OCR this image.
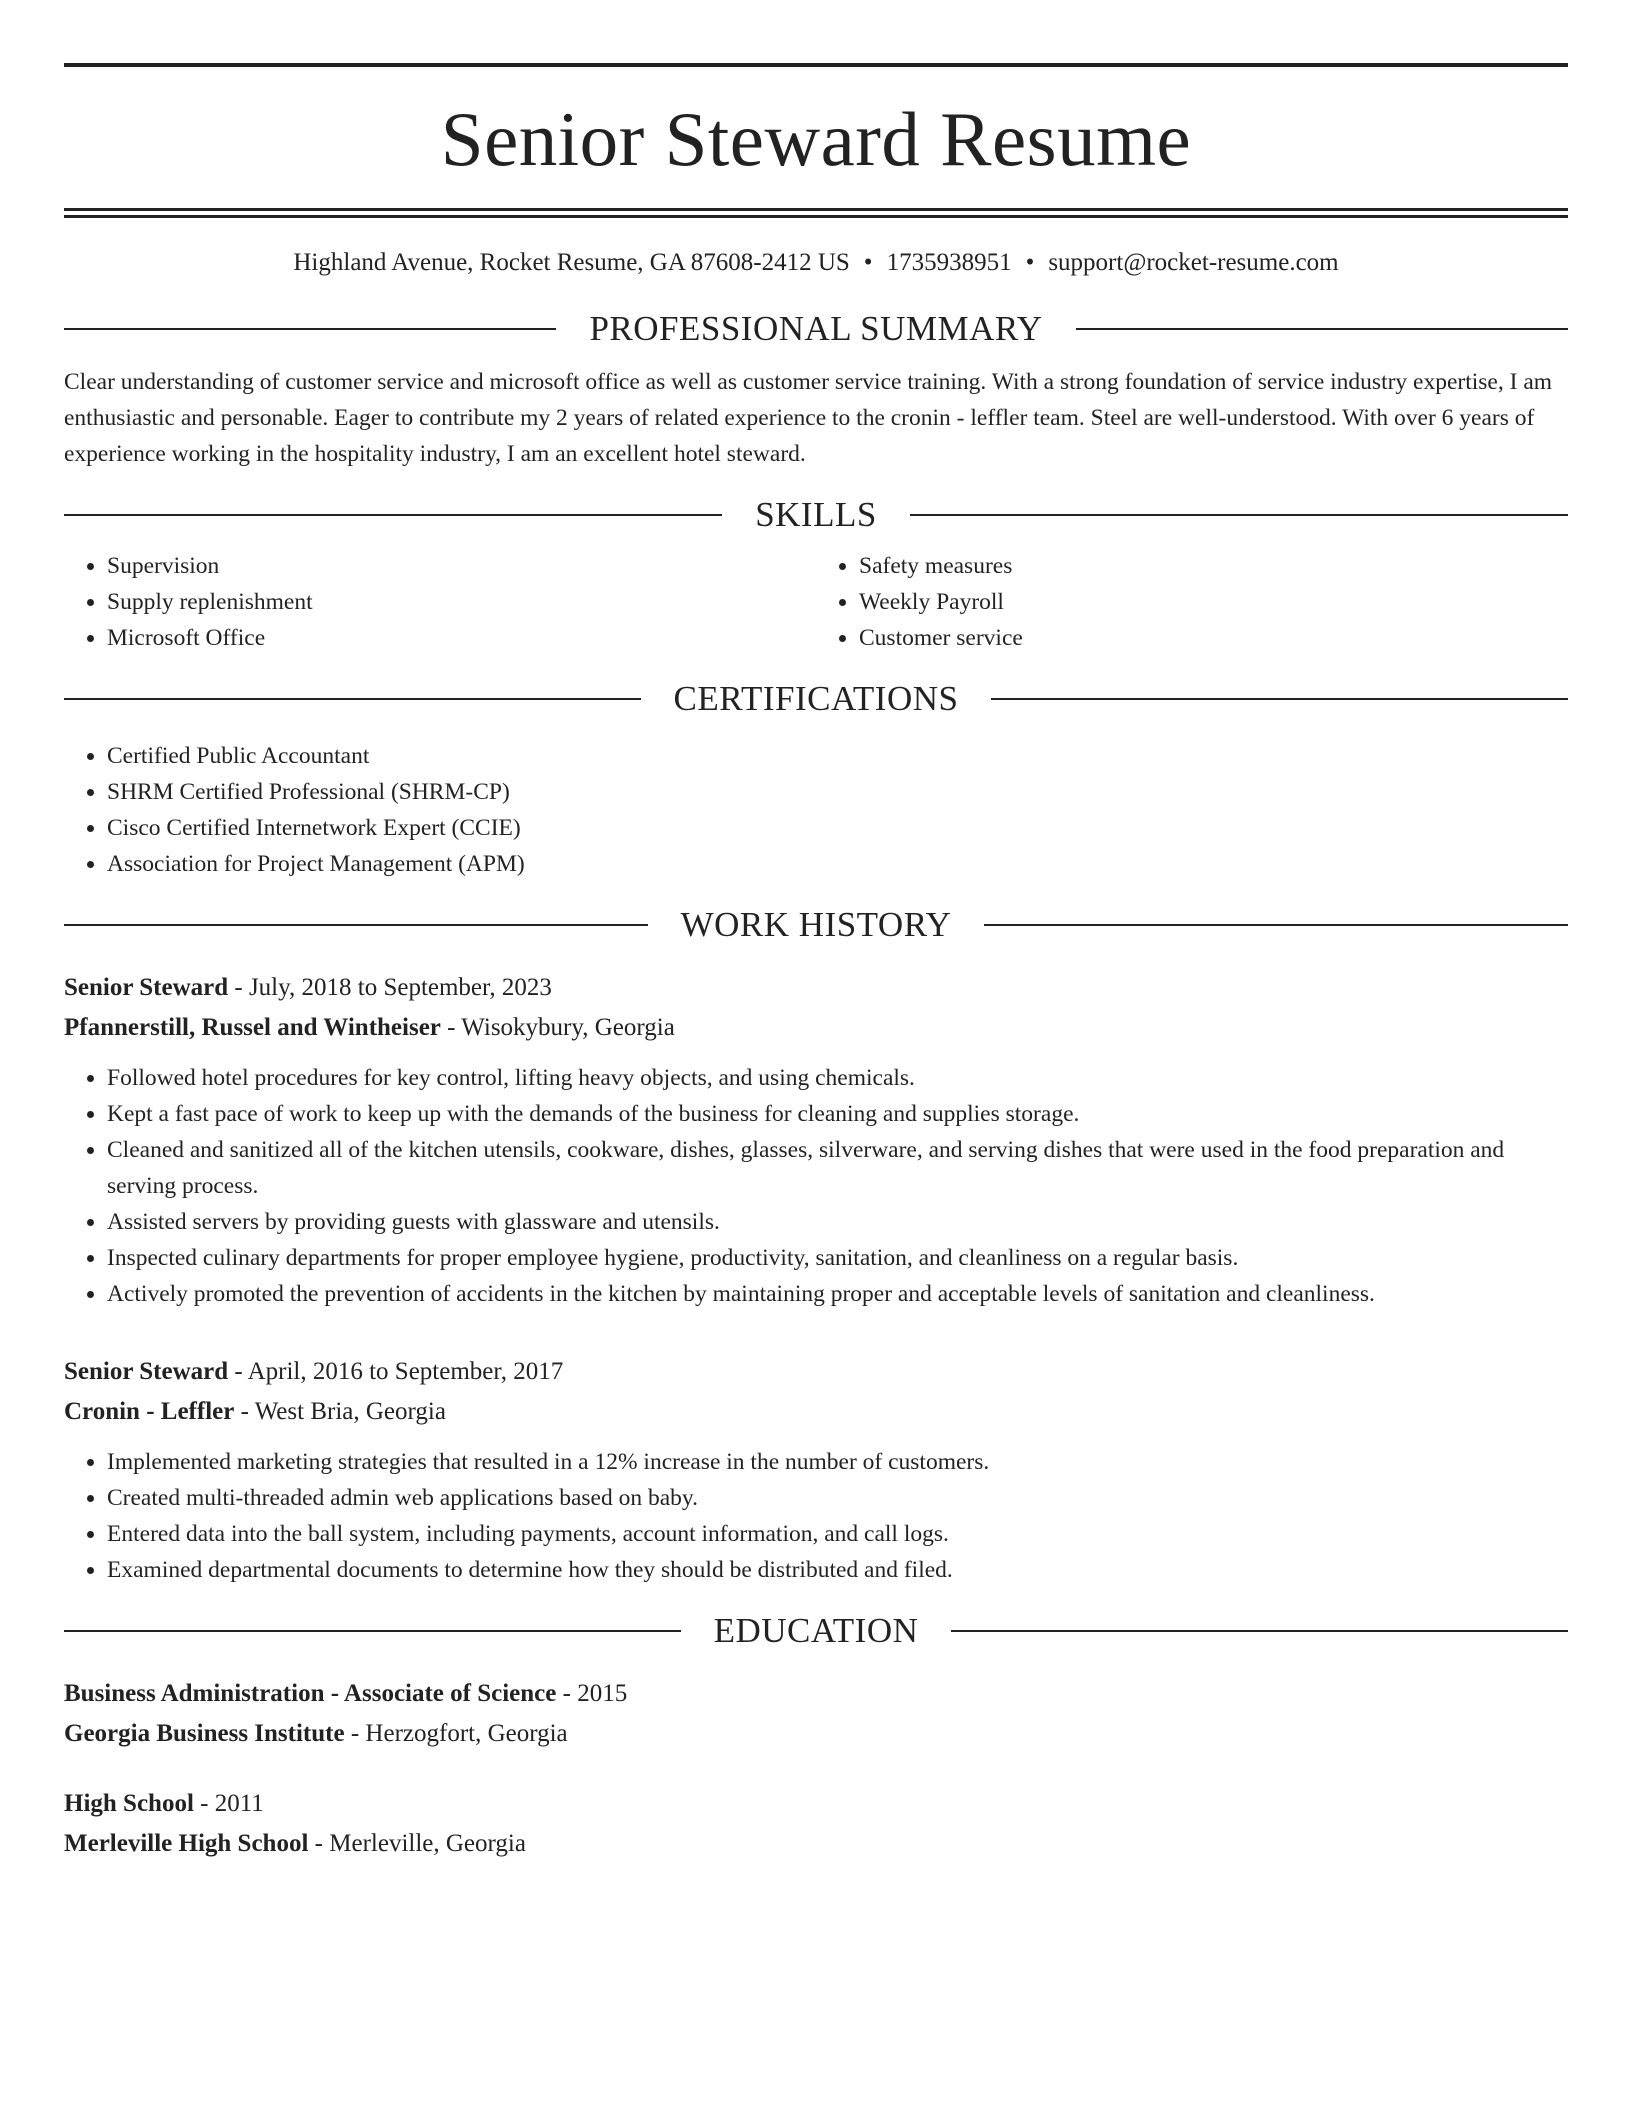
Senior Steward Resume
Highland Avenue, Rocket Resume, GA 87608-2412 US • 1735938951 • support@rocket-resume.com
PROFESSIONAL SUMMARY
Clear understanding of customer service and microsoft office as well as customer service training. With a strong foundation of service industry expertise, I am enthusiastic and personable. Eager to contribute my 2 years of related experience to the cronin - leffler team. Steel are well-understood. With over 6 years of experience working in the hospitality industry, I am an excellent hotel steward.
SKILLS
• Supervision
• Supply replenishment
• Microsoft Office
• Safety measures
• Weekly Payroll
• Customer service
CERTIFICATIONS
• Certified Public Accountant
• SHRM Certified Professional (SHRM-CP)
• Cisco Certified Internetwork Expert (CCIE)
• Association for Project Management (APM)
WORK HISTORY
Senior Steward - July, 2018 to September, 2023
Pfannerstill, Russel and Wintheiser - Wisokybury, Georgia
• Followed hotel procedures for key control, lifting heavy objects, and using chemicals.
• Kept a fast pace of work to keep up with the demands of the business for cleaning and supplies storage.
• Cleaned and sanitized all of the kitchen utensils, cookware, dishes, glasses, silverware, and serving dishes that were used in the food preparation and serving process.
• Assisted servers by providing guests with glassware and utensils.
• Inspected culinary departments for proper employee hygiene, productivity, sanitation, and cleanliness on a regular basis.
• Actively promoted the prevention of accidents in the kitchen by maintaining proper and acceptable levels of sanitation and cleanliness.
Senior Steward - April, 2016 to September, 2017
Cronin - Leffler - West Bria, Georgia
• Implemented marketing strategies that resulted in a 12% increase in the number of customers.
• Created multi-threaded admin web applications based on baby.
• Entered data into the ball system, including payments, account information, and call logs.
• Examined departmental documents to determine how they should be distributed and filed.
EDUCATION
Business Administration - Associate of Science - 2015
Georgia Business Institute - Herzogfort, Georgia
High School - 2011
Merleville High School - Merleville, Georgia
